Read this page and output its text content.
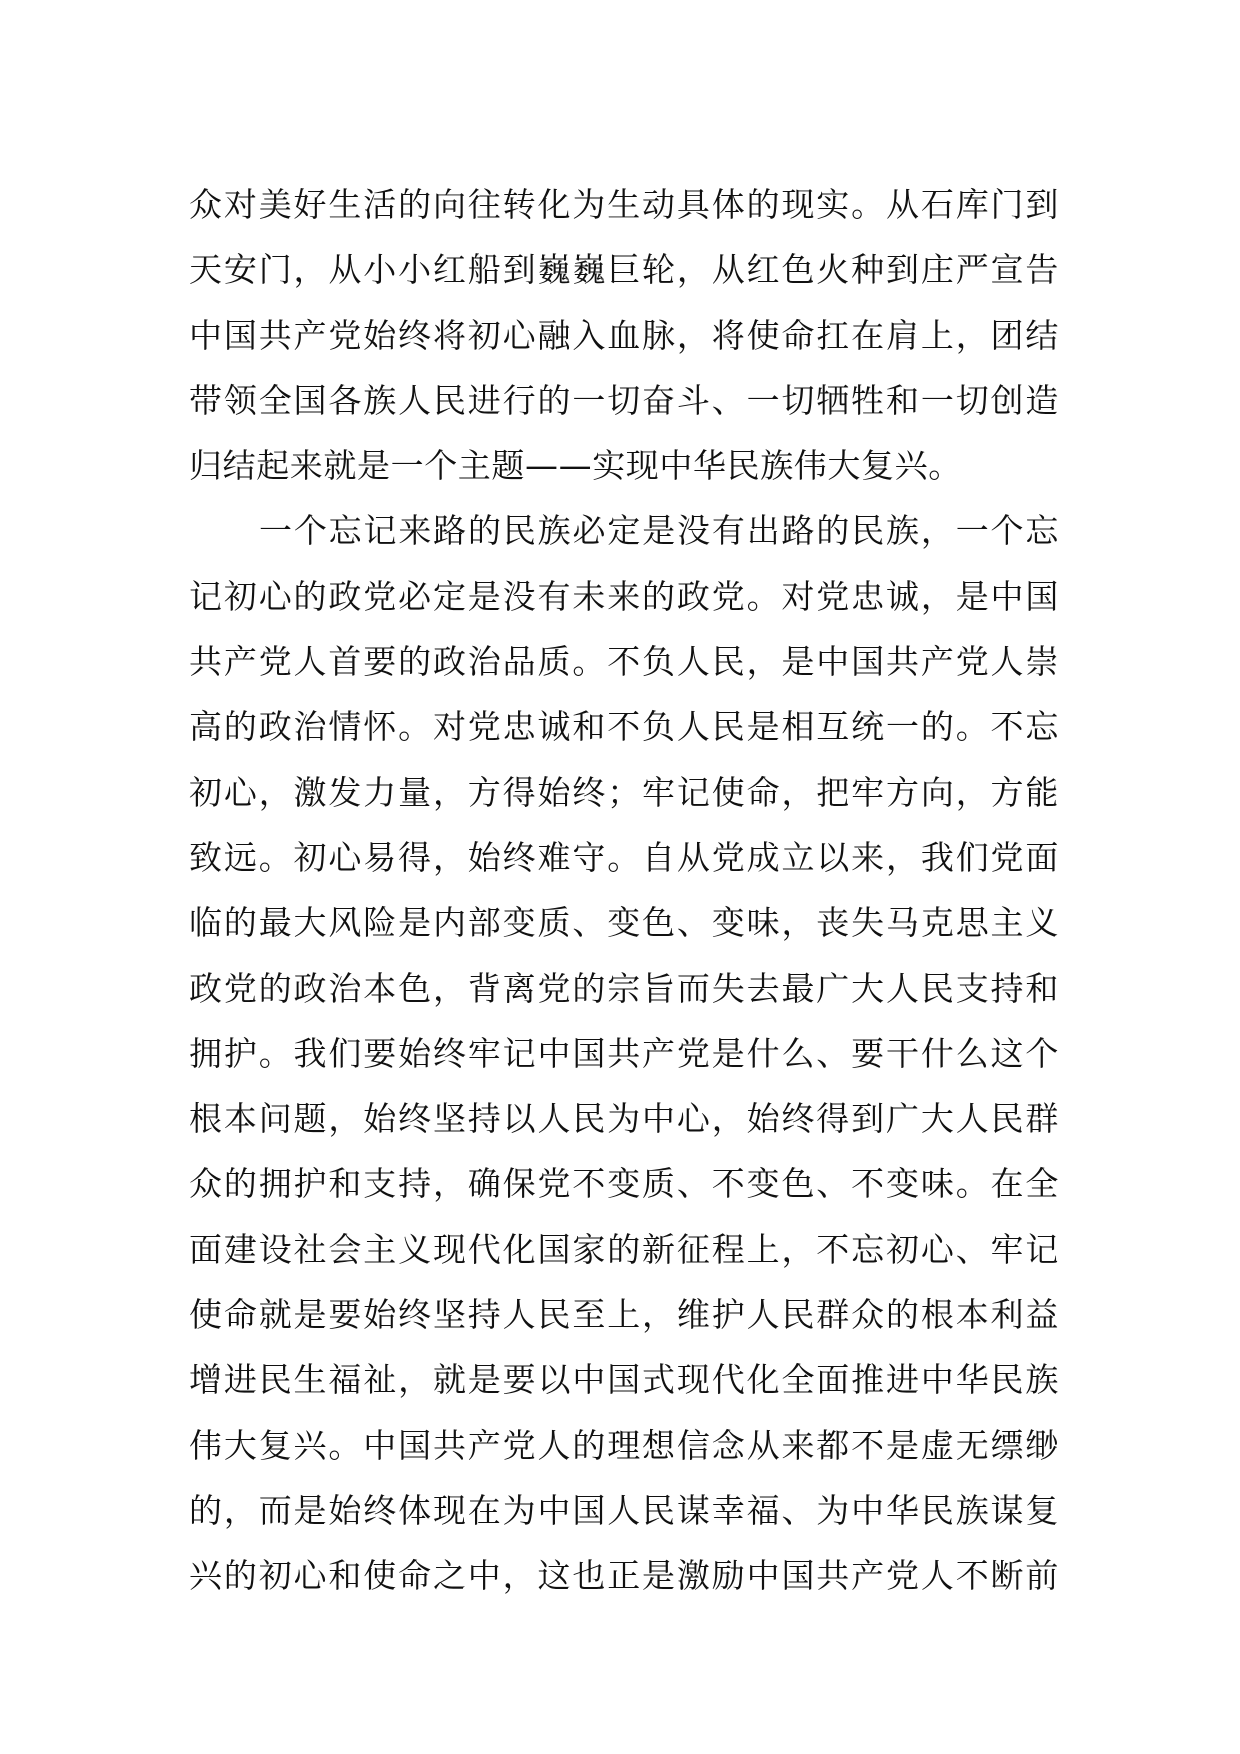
众对美好生活的向往转化为生动具体的现实。从石库门到
天安门，从小小红船到巍巍巨轮，从红色火种到庄严宣告
中国共产党始终将初心融入血脉，将使命扛在肩上，团结
带领全国各族人民进行的一切奋斗、一切牺牲和一切创造
归结起来就是一个主题——实现中华民族伟大复兴。
一个忘记来路的民族必定是没有出路的民族，一个忘
记初心的政党必定是没有未来的政党。对党忠诚，是中国
共产党人首要的政治品质。不负人民，是中国共产党人崇
高的政治情怀。对党忠诚和不负人民是相互统一的。不忘
初心，激发力量，方得始终；牢记使命，把牢方向，方能
致远。初心易得，始终难守。自从党成立以来，我们党面
临的最大风险是内部变质、变色、变味，丧失马克思主义
政党的政治本色，背离党的宗旨而失去最广大人民支持和
拥护。我们要始终牢记中国共产党是什么、要干什么这个
根本问题，始终坚持以人民为中心，始终得到广大人民群
众的拥护和支持，确保党不变质、不变色、不变味。在全
面建设社会主义现代化国家的新征程上，不忘初心、牢记
使命就是要始终坚持人民至上，维护人民群众的根本利益
增进民生福祉，就是要以中国式现代化全面推进中华民族
伟大复兴。中国共产党人的理想信念从来都不是虚无缥缈
的，而是始终体现在为中国人民谋幸福、为中华民族谋复
兴的初心和使命之中，这也正是激励中国共产党人不断前
